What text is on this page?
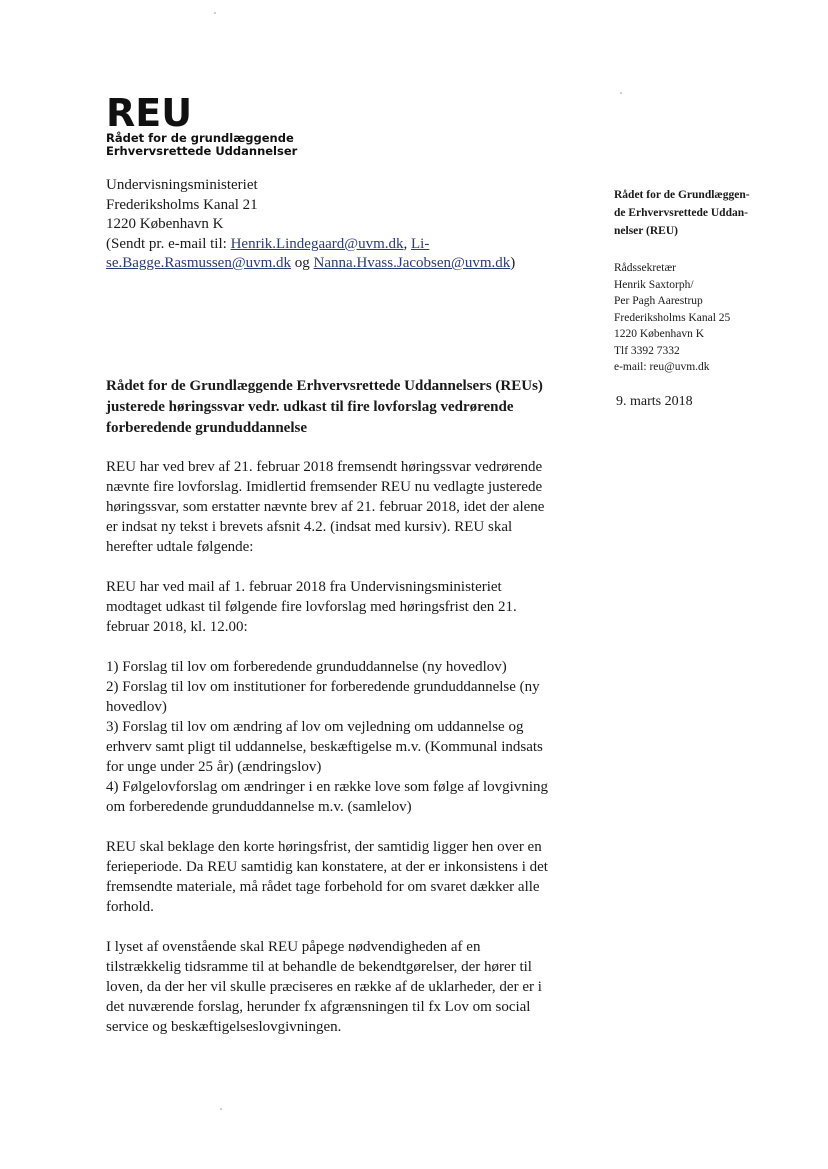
REU
Rådet for de grundlæggende
Erhvervsrettede Uddannelser
Undervisningsministeriet
Frederiksholms Kanal 21
1220 København K
(Sendt pr. e-mail til: Henrik.Lindegaard@uvm.dk, Li-
se.Bagge.Rasmussen@uvm.dk og Nanna.Hvass.Jacobsen@uvm.dk)
Rådet for de Grundlæggen-
de Erhvervsrettede Uddan-
nelser (REU)
Rådssekretær
Henrik Saxtorph/
Per Pagh Aarestrup
Frederiksholms Kanal 25
1220 København K
Tlf 3392 7332
e-mail: reu@uvm.dk
9. marts 2018
Rådet for de Grundlæggende Erhvervsrettede Uddannelsers (REUs) justerede høringssvar vedr. udkast til fire lovforslag vedrørende forberedende grunduddannelse

REU har ved brev af 21. februar 2018 fremsendt høringssvar vedrørende nævnte fire lovforslag. Imidlertid fremsender REU nu vedlagte justerede høringssvar, som erstatter nævnte brev af 21. februar 2018, idet der alene er indsat ny tekst i brevets afsnit 4.2. (indsat med kursiv). REU skal herefter udtale følgende:

REU har ved mail af 1. februar 2018 fra Undervisningsministeriet modtaget udkast til følgende fire lovforslag med høringsfrist den 21. februar 2018, kl. 12.00:

1) Forslag til lov om forberedende grunduddannelse (ny hovedlov)
2) Forslag til lov om institutioner for forberedende grunduddannelse (ny hovedlov)
3) Forslag til lov om ændring af lov om vejledning om uddannelse og erhverv samt pligt til uddannelse, beskæftigelse m.v. (Kommunal indsats for unge under 25 år) (ændringslov)
4) Følgelovforslag om ændringer i en række love som følge af lovgivning om forberedende grunduddannelse m.v. (samlelov)

REU skal beklage den korte høringsfrist, der samtidig ligger hen over en ferieperiode. Da REU samtidig kan konstatere, at der er inkonsistens i det fremsendte materiale, må rådet tage forbehold for om svaret dækker alle forhold.

I lyset af ovenstående skal REU påpege nødvendigheden af en tilstrækkelig tidsramme til at behandle de bekendtgørelser, der hører til loven, da der her vil skulle præciseres en række af de uklarheder, der er i det nuværende forslag, herunder fx afgrænsningen til fx Lov om social service og beskæftigelseslovgivningen.
